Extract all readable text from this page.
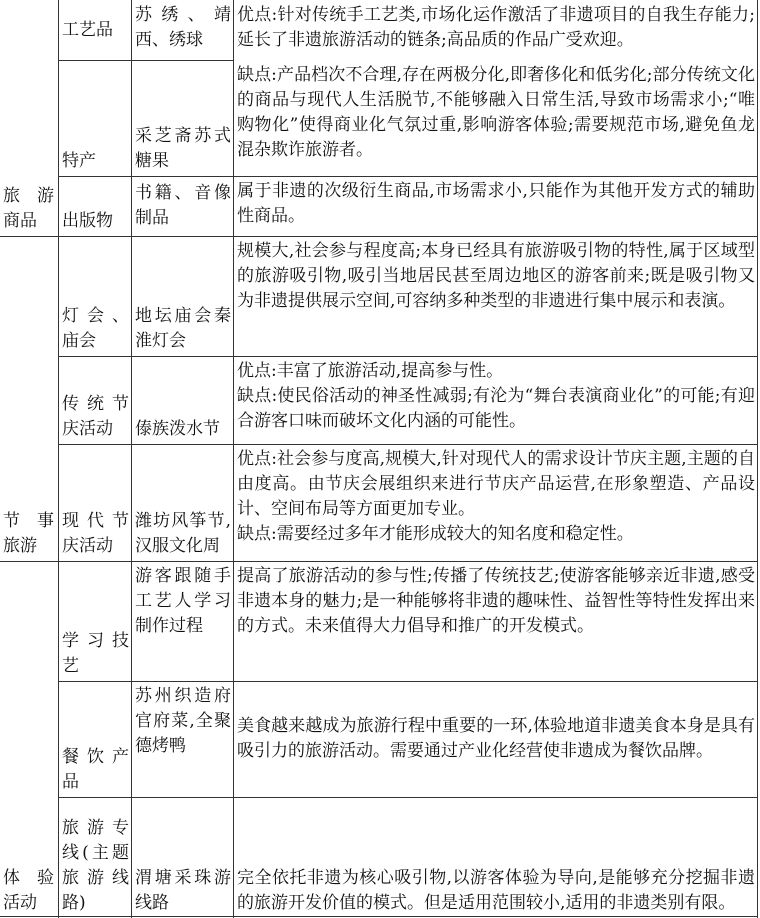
旅　游
商品
节　事
旅游
体　验
活动
工艺品
特产
出版物
灯会、庙会
传统节庆活动
现代节庆活动
学习技艺
餐饮产品
旅游专线(主题旅游线路)
苏绣、靖西、绣球
采芝斋苏式糖果
书籍、音像制品
地坛庙会秦淮灯会
傣族泼水节
潍坊风筝节,汉服文化周
游客跟随手工艺人学习制作过程
苏州织造府官府菜,全聚德烤鸭
渭塘采珠游线路
优点:针对传统手工艺类,市场化运作激活了非遗项目的自我生存能力;延长了非遗旅游活动的链条;高品质的作品广受欢迎。
缺点:产品档次不合理,存在两极分化,即奢侈化和低劣化;部分传统文化的商品与现代人生活脱节,不能够融入日常生活,导致市场需求小;“唯购物化”使得商业化气氛过重,影响游客体验;需要规范市场,避免鱼龙混杂欺诈旅游者。
属于非遗的次级衍生商品,市场需求小,只能作为其他开发方式的辅助性商品。
规模大,社会参与程度高;本身已经具有旅游吸引物的特性,属于区域型的旅游吸引物,吸引当地居民甚至周边地区的游客前来;既是吸引物又为非遗提供展示空间,可容纳多种类型的非遗进行集中展示和表演。
优点:丰富了旅游活动,提高参与性。
缺点:使民俗活动的神圣性减弱;有沦为“舞台表演商业化”的可能;有迎合游客口味而破坏文化内涵的可能性。
优点:社会参与度高,规模大,针对现代人的需求设计节庆主题,主题的自由度高。由节庆会展组织来进行节庆产品运营,在形象塑造、产品设计、空间布局等方面更加专业。
缺点:需要经过多年才能形成较大的知名度和稳定性。
提高了旅游活动的参与性;传播了传统技艺;使游客能够亲近非遗,感受非遗本身的魅力;是一种能够将非遗的趣味性、益智性等特性发挥出来的方式。未来值得大力倡导和推广的开发模式。
美食越来越成为旅游行程中重要的一环,体验地道非遗美食本身是具有吸引力的旅游活动。需要通过产业化经营使非遗成为餐饮品牌。
完全依托非遗为核心吸引物,以游客体验为导向,是能够充分挖掘非遗的旅游开发价值的模式。但是适用范围较小,适用的非遗类别有限。
